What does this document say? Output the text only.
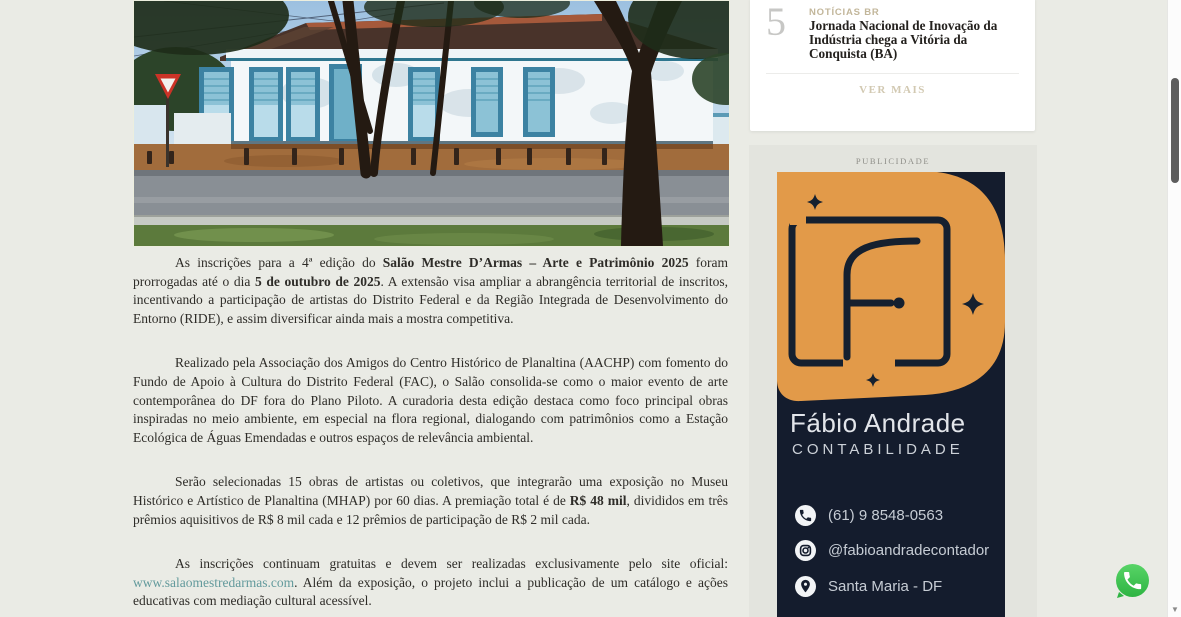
As inscrições para a 4ª edição do Salão Mestre D’Armas – Arte e Patrimônio 2025 foram prorrogadas até o dia 5 de outubro de 2025. A extensão visa ampliar a abrangência territorial de inscritos, incentivando a participação de artistas do Distrito Federal e da Região Integrada de Desenvolvimento do Entorno (RIDE), e assim diversificar ainda mais a mostra competitiva.

Realizado pela Associação dos Amigos do Centro Histórico de Planaltina (AACHP) com fomento do Fundo de Apoio à Cultura do Distrito Federal (FAC), o Salão consolida-se como o maior evento de arte contemporânea do DF fora do Plano Piloto. A curadoria desta edição destaca como foco principal obras inspiradas no meio ambiente, em especial na flora regional, dialogando com patrimônios como a Estação Ecológica de Águas Emendadas e outros espaços de relevância ambiental.

Serão selecionadas 15 obras de artistas ou coletivos, que integrarão uma exposição no Museu Histórico e Artístico de Planaltina (MHAP) por 60 dias. A premiação total é de R$ 48 mil, divididos em três prêmios aquisitivos de R$ 8 mil cada e 12 prêmios de participação de R$ 2 mil cada.

As inscrições continuam gratuitas e devem ser realizadas exclusivamente pelo site oficial: www.salaomestredarmas.com. Além da exposição, o projeto inclui a publicação de um catálogo e ações educativas com mediação cultural acessível.

5 NOTÍCIAS BR
Jornada Nacional de Inovação da Indústria chega a Vitória da Conquista (BA)
VER MAIS
PUBLICIDADE
Fábio Andrade
CONTABILIDADE
(61) 9 8548-0563
@fabioandradecontador
Santa Maria - DF
▼
